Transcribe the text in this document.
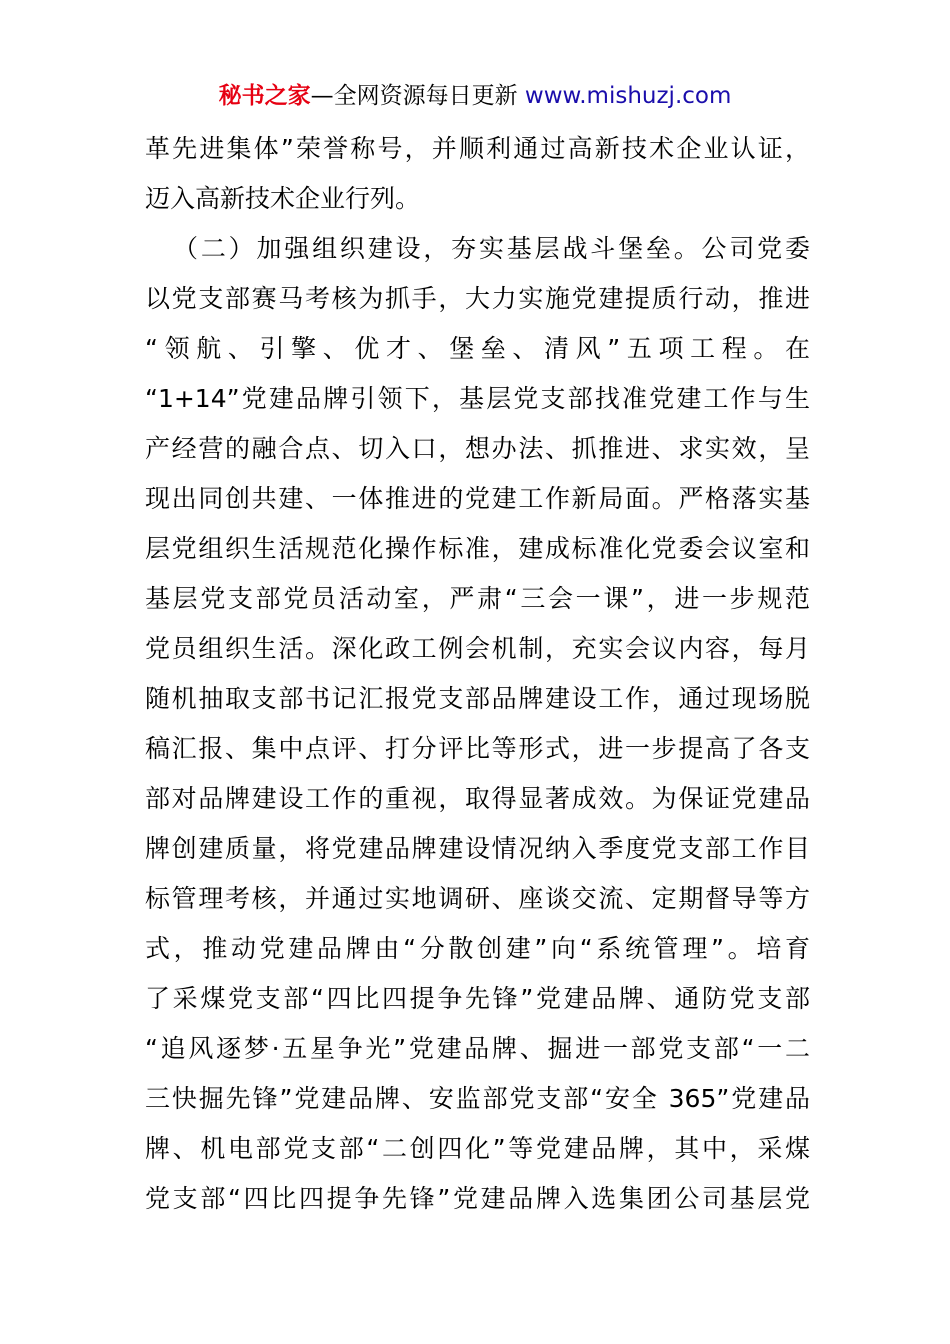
秘书之家—全网资源每日更新 www.mishuzj.com
革先进集体”荣誉称号，并顺利通过高新技术企业认证，
迈入高新技术企业行列。
（二）加强组织建设，夯实基层战斗堡垒。公司党委
以党支部赛马考核为抓手，大力实施党建提质行动，推进
“领航、引擎、优才、堡垒、清风”五项工程。在
“1+14”党建品牌引领下，基层党支部找准党建工作与生
产经营的融合点、切入口，想办法、抓推进、求实效，呈
现出同创共建、一体推进的党建工作新局面。严格落实基
层党组织生活规范化操作标准，建成标准化党委会议室和
基层党支部党员活动室，严肃“三会一课”，进一步规范
党员组织生活。深化政工例会机制，充实会议内容，每月
随机抽取支部书记汇报党支部品牌建设工作，通过现场脱
稿汇报、集中点评、打分评比等形式，进一步提高了各支
部对品牌建设工作的重视，取得显著成效。为保证党建品
牌创建质量，将党建品牌建设情况纳入季度党支部工作目
标管理考核，并通过实地调研、座谈交流、定期督导等方
式，推动党建品牌由“分散创建”向“系统管理”。培育
了采煤党支部“四比四提争先锋”党建品牌、通防党支部
“追风逐梦·五星争光”党建品牌、掘进一部党支部“一二
三快掘先锋”党建品牌、安监部党支部“安全 365”党建品
牌、机电部党支部“二创四化”等党建品牌，其中，采煤
党支部“四比四提争先锋”党建品牌入选集团公司基层党
